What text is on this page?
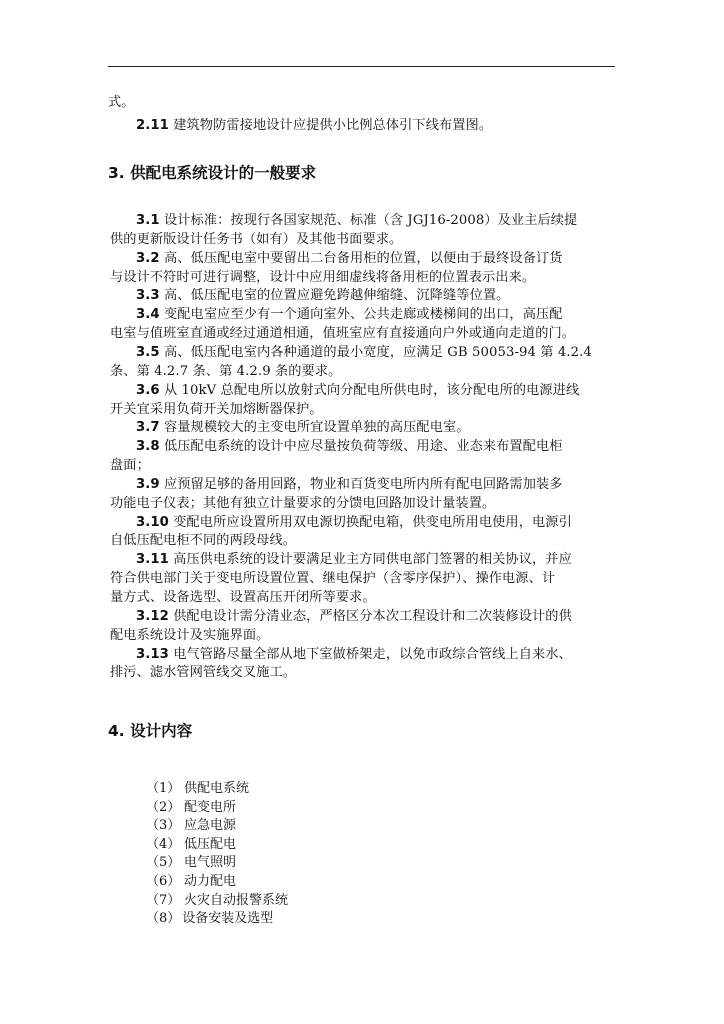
式。
2.11 建筑物防雷接地设计应提供小比例总体引下线布置图。
3. 供配电系统设计的一般要求
3.1 设计标准：按现行各国家规范、标准（含 JGJ16-2008）及业主后续提
供的更新版设计任务书（如有）及其他书面要求。
3.2 高、低压配电室中要留出二台备用柜的位置，以便由于最终设备订货
与设计不符时可进行调整，设计中应用细虚线将备用柜的位置表示出来。
3.3 高、低压配电室的位置应避免跨越伸缩缝、沉降缝等位置。
3.4 变配电室应至少有一个通向室外、公共走廊或楼梯间的出口，高压配
电室与值班室直通或经过通道相通，值班室应有直接通向户外或通向走道的门。
3.5 高、低压配电室内各种通道的最小宽度，应满足 GB 50053-94 第 4.2.4
条、第 4.2.7 条、第 4.2.9 条的要求。
3.6 从 10kV 总配电所以放射式向分配电所供电时，该分配电所的电源进线
开关宜采用负荷开关加熔断器保护。
3.7 容量规模较大的主变电所宜设置单独的高压配电室。
3.8 低压配电系统的设计中应尽量按负荷等级、用途、业态来布置配电柜
盘面；
3.9 应预留足够的备用回路，物业和百货变电所内所有配电回路需加装多
功能电子仪表；其他有独立计量要求的分馈电回路加设计量装置。
3.10 变配电所应设置所用双电源切换配电箱，供变电所用电使用，电源引
自低压配电柜不同的两段母线。
3.11 高压供电系统的设计要满足业主方同供电部门签署的相关协议，并应
符合供电部门关于变电所设置位置、继电保护（含零序保护）、操作电源、计
量方式、设备选型、设置高压开闭所等要求。
3.12 供配电设计需分清业态，严格区分本次工程设计和二次装修设计的供
配电系统设计及实施界面。
3.13 电气管路尽量全部从地下室做桥架走，以免市政综合管线上自来水、
排污、滤水管网管线交叉施工。
4. 设计内容
（1） 供配电系统
（2） 配变电所
（3） 应急电源
（4） 低压配电
（5） 电气照明
（6） 动力配电
（7） 火灾自动报警系统
（8） 设备安装及选型
